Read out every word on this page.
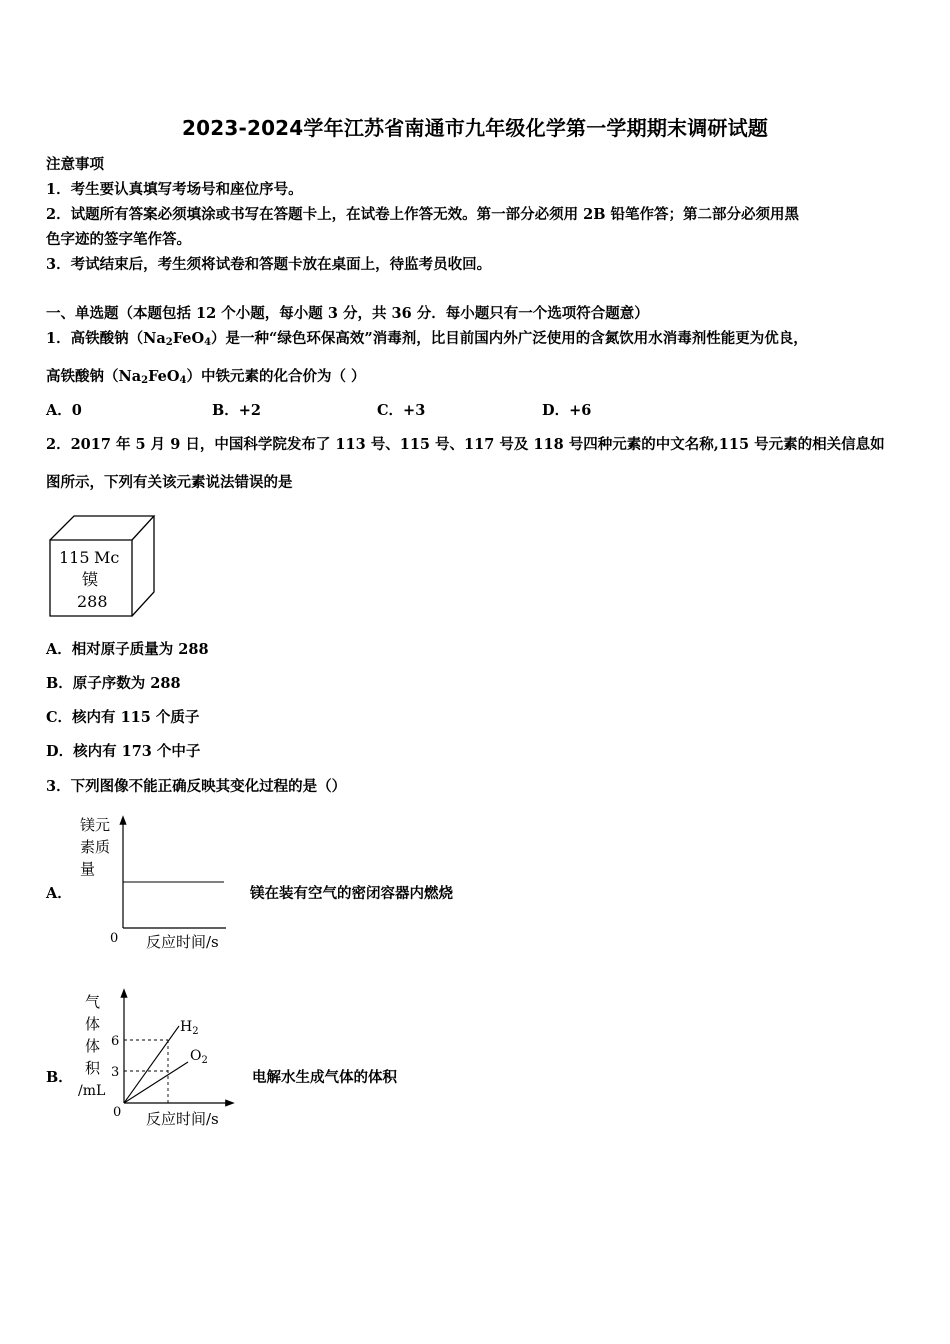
2023-2024学年江苏省南通市九年级化学第一学期期末调研试题
注意事项
1．考生要认真填写考场号和座位序号。
2．试题所有答案必须填涂或书写在答题卡上，在试卷上作答无效。第一部分必须用 2B 铅笔作答；第二部分必须用黑
色字迹的签字笔作答。
3．考试结束后，考生须将试卷和答题卡放在桌面上，待监考员收回。
一、单选题（本题包括 12 个小题，每小题 3 分，共 36 分．每小题只有一个选项符合题意）
1．高铁酸钠$(Na_2FeO_4)$是一种“绿色环保高效”消毒剂，比目前国内外广泛使用的含氮饮用水消毒剂性能更为优良，
高铁酸钠$(Na_2FeO_4)$中铁元素的化合价为（ ）
A．0	B．+2	C．+3	D．+6
2．2017 年 5 月 9 日，中国科学院发布了 113 号、115 号、117 号及 118 号四种元素的中文名称,115 号元素的相关信息如
图所示，下列有关该元素说法错误的是
115 Mc
镆
288
A．相对原子质量为 288
B．原子序数为 288
C．核内有 115 个质子
D．核内有 173 个中子
3．下列图像不能正确反映其变化过程的是（）
A．
镁元
素质
量
0 反应时间/s
镁在装有空气的密闭容器内燃烧
B．
气
体
体
积
/mL
6
3
$H_2$
$O_2$
0 反应时间/s
电解水生成气体的体积
